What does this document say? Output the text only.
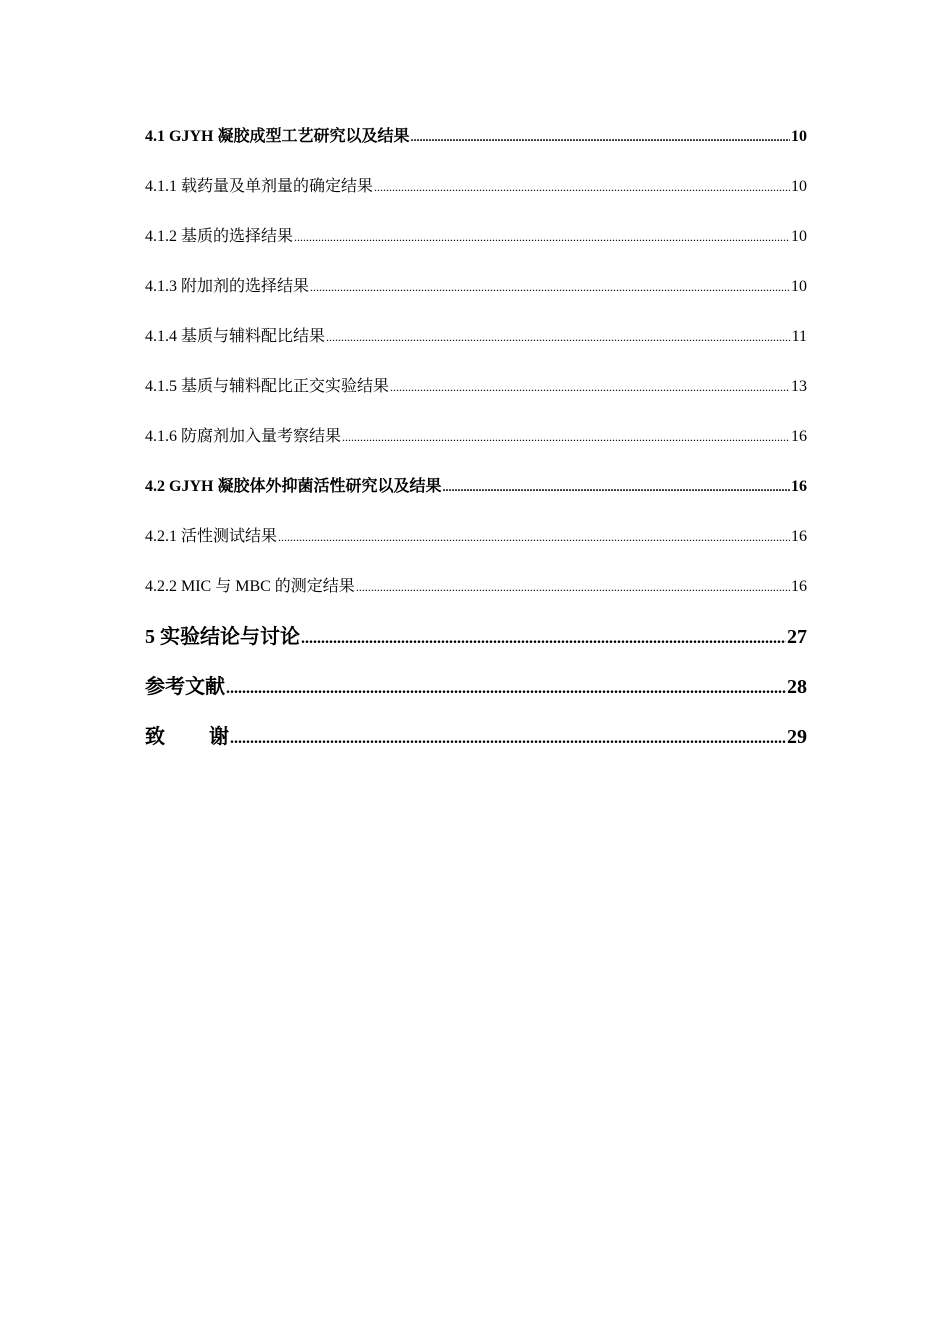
4.1 GJYH 凝胶成型工艺研究以及结果 .....	10
4.1.1 载药量及单剂量的确定结果 .....	10
4.1.2 基质的选择结果 .....	10
4.1.3 附加剂的选择结果 .....	10
4.1.4 基质与辅料配比结果 .....	11
4.1.5 基质与辅料配比正交实验结果 .....	13
4.1.6 防腐剂加入量考察结果 .....	16
4.2 GJYH 凝胶体外抑菌活性研究以及结果 .....	16
4.2.1 活性测试结果 .....	16
4.2.2 MIC 与 MBC 的测定结果 .....	16
5 实验结论与讨论 .....	27
参考文献 .....	28
致 谢 .....	29
